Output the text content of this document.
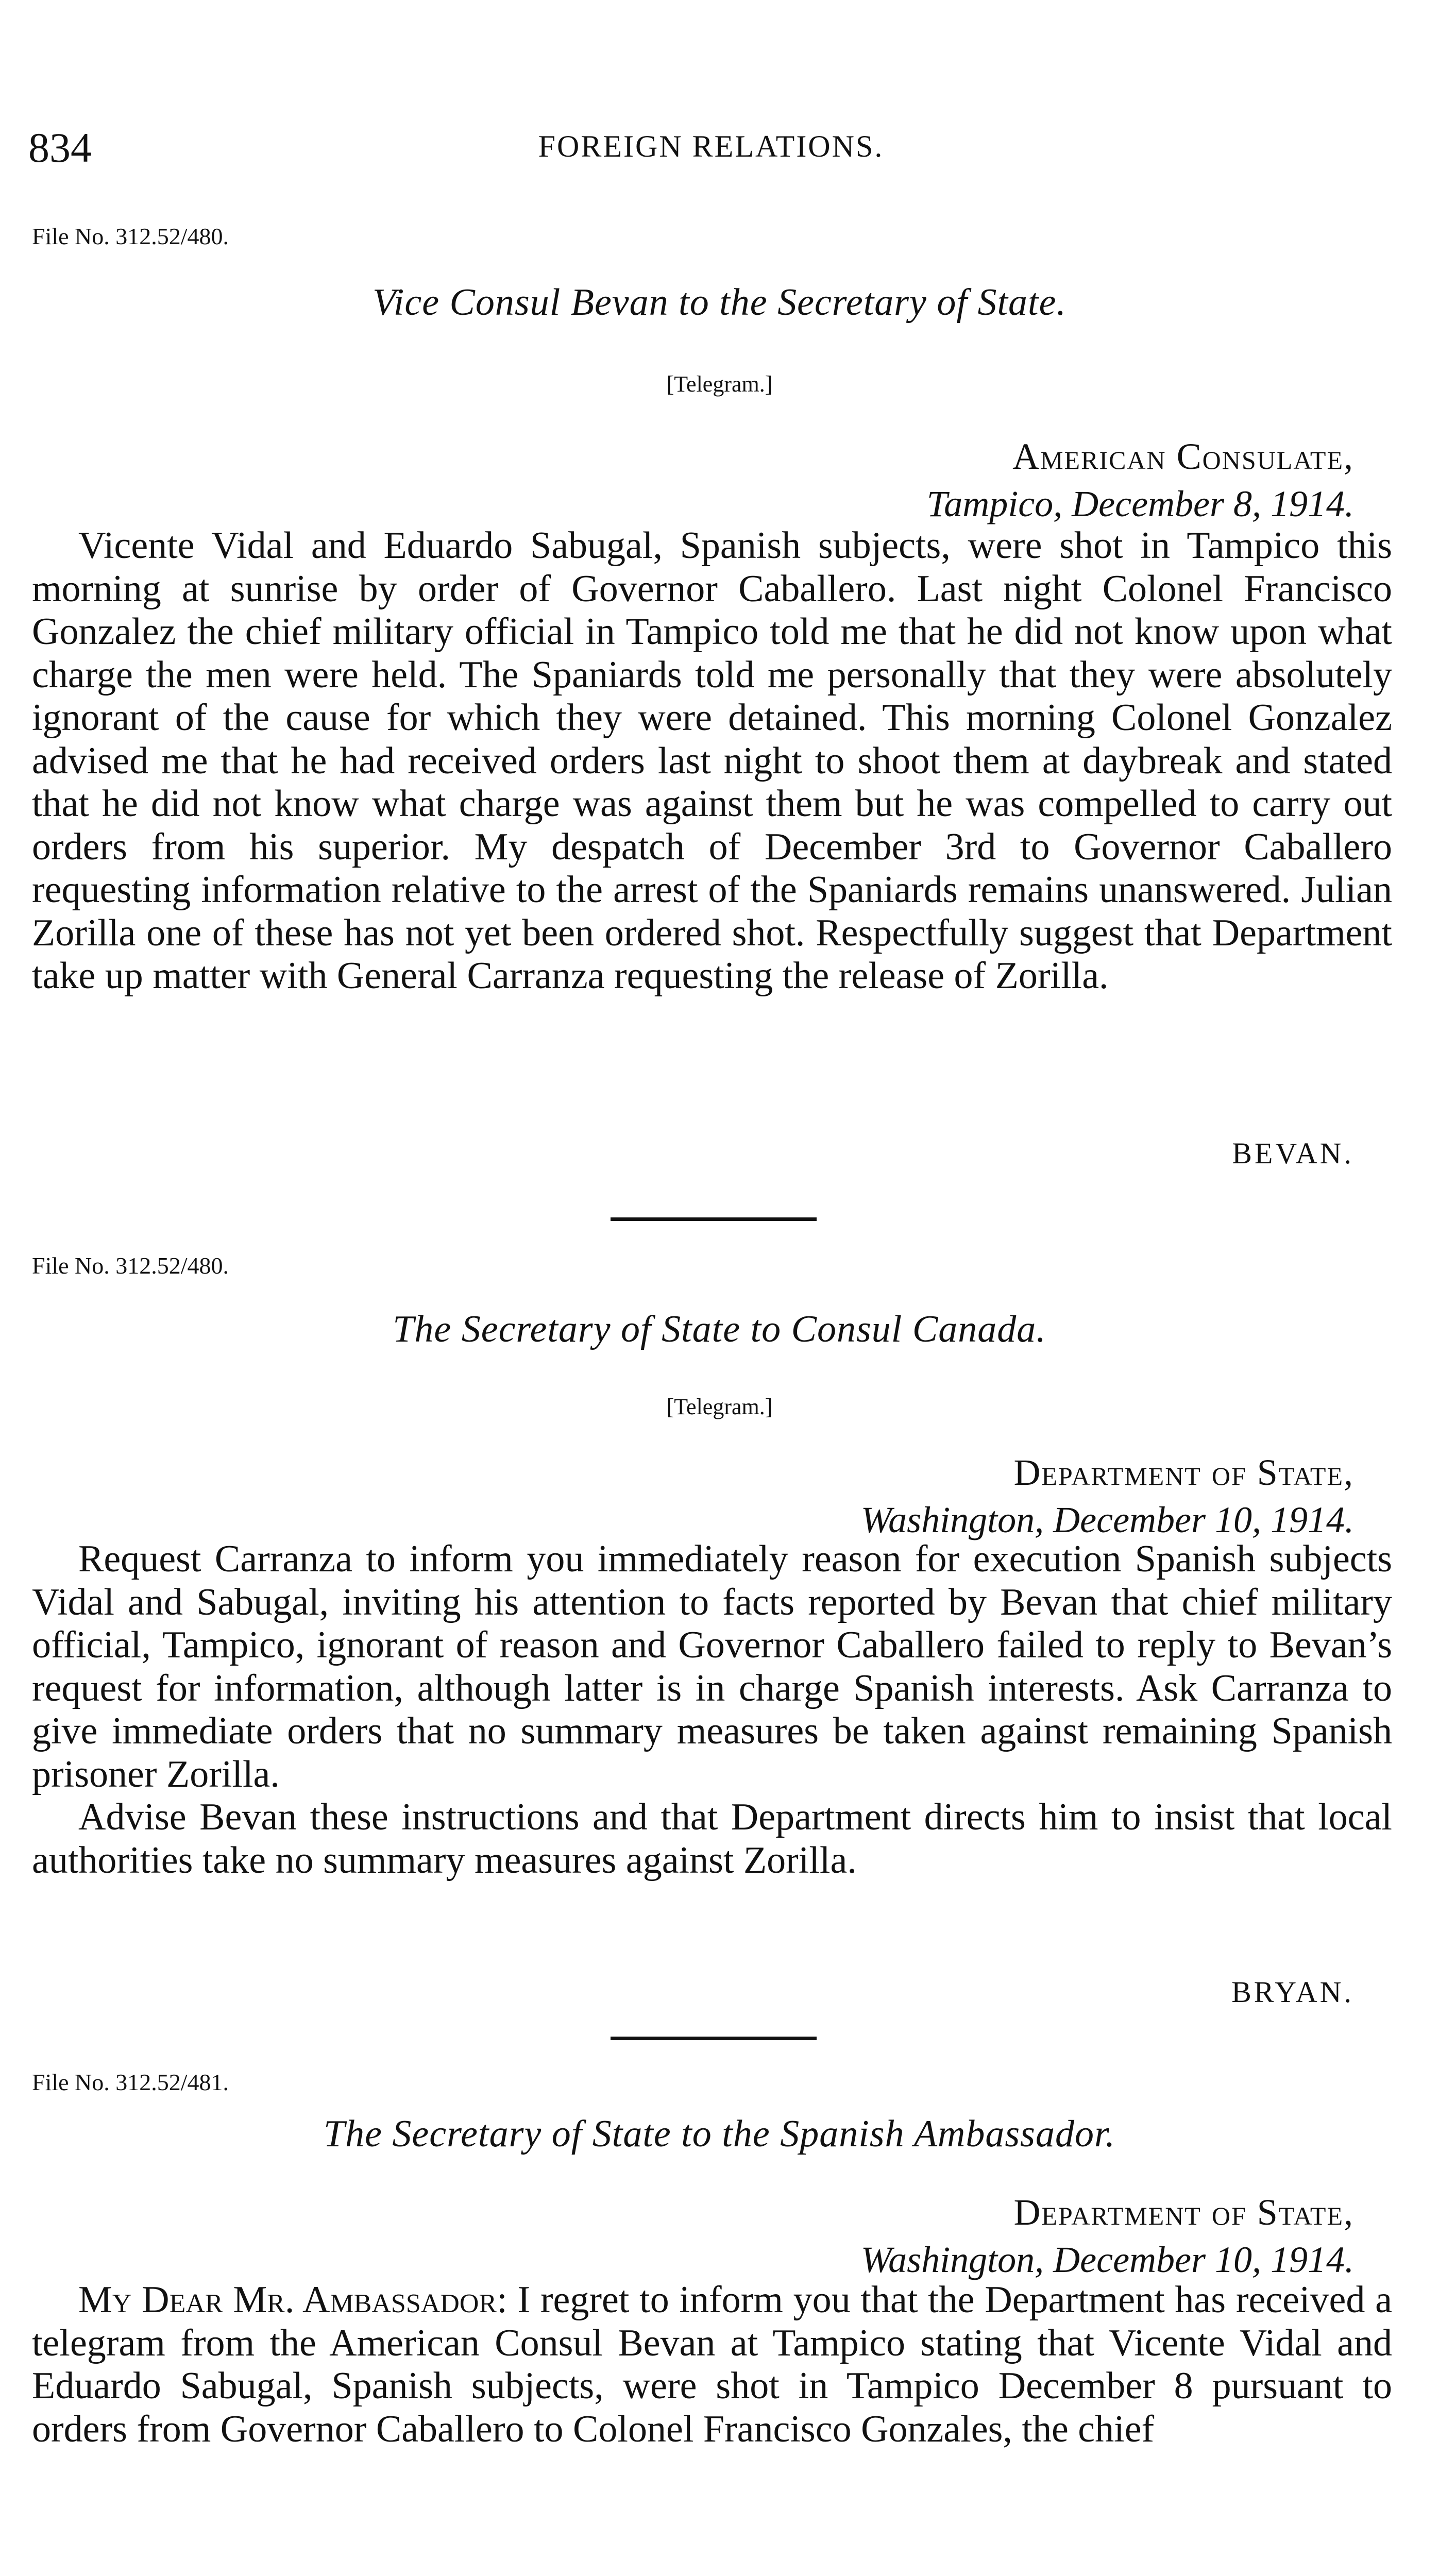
834	FOREIGN RELATIONS.
File No. 312.52/480.
Vice Consul Bevan to the Secretary of State.
[Telegram.]
American Consulate,
Tampico, December 8, 1914.

Vicente Vidal and Eduardo Sabugal, Spanish subjects, were shot in Tampico this morning at sunrise by order of Governor Caballero. Last night Colonel Francisco Gonzalez the chief military official in Tampico told me that he did not know upon what charge the men were held. The Spaniards told me personally that they were absolutely ignorant of the cause for which they were detained. This morning Colonel Gonzalez advised me that he had received orders last night to shoot them at daybreak and stated that he did not know what charge was against them but he was compelled to carry out orders from his superior. My despatch of December 3rd to Governor Caballero requesting information relative to the arrest of the Spaniards remains unanswered. Julian Zorilla one of these has not yet been ordered shot. Respectfully suggest that Department take up matter with General Carranza requesting the release of Zorilla.

BEVAN.
File No. 312.52/480.
The Secretary of State to Consul Canada.
[Telegram.]
Department of State,
Washington, December 10, 1914.

Request Carranza to inform you immediately reason for execution Spanish subjects Vidal and Sabugal, inviting his attention to facts reported by Bevan that chief military official, Tampico, ignorant of reason and Governor Caballero failed to reply to Bevan’s request for information, although latter is in charge Spanish interests. Ask Carranza to give immediate orders that no summary measures be taken against remaining Spanish prisoner Zorilla.

Advise Bevan these instructions and that Department directs him to insist that local authorities take no summary measures against Zorilla.

BRYAN.
File No. 312.52/481.
The Secretary of State to the Spanish Ambassador.
Department of State,
Washington, December 10, 1914.

My Dear Mr. Ambassador: I regret to inform you that the Department has received a telegram from the American Consul Bevan at Tampico stating that Vicente Vidal and Eduardo Sabugal, Spanish subjects, were shot in Tampico December 8 pursuant to orders from Governor Caballero to Colonel Francisco Gonzales, the chief
